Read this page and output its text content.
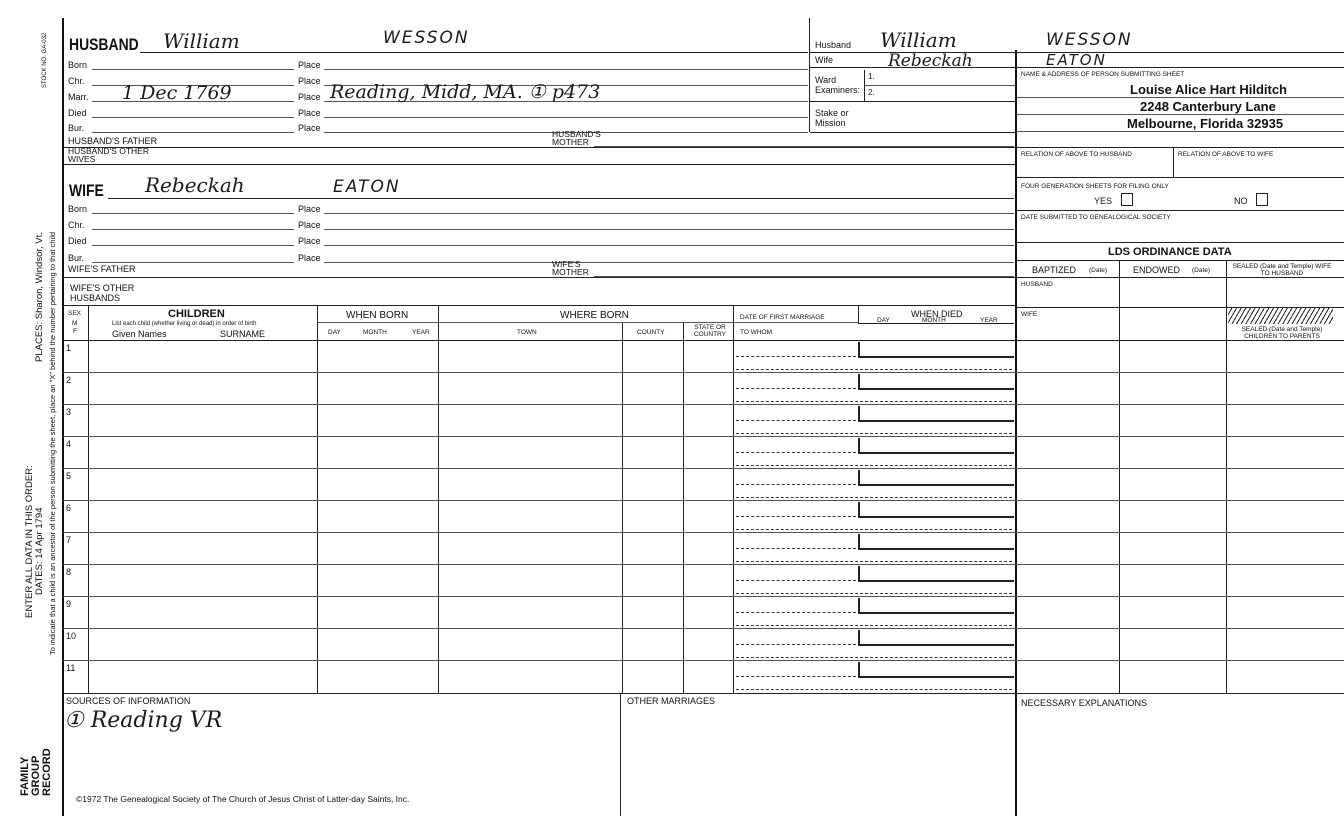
STOCK NO. GA-032
PLACES: Sharon, Windsor, Vt.
ENTER ALL DATA IN THIS ORDER: DATES: 14 Apr 1794 To indicate that a child is an ancestor of the person submitting the sheet, place an "X" behind the number pertaining to that child
FAMILY GROUP RECORD
HUSBAND William	WESSON
Born	Place
Chr.	Place
Marr. 1 Dec 1769	Place Reading, Midd, MA. ① p473
Died	Place
Bur.	Place
HUSBAND'S FATHER
HUSBAND'S MOTHER
HUSBAND'S OTHER WIVES
WIFE Rebeckah	EATON
Born	Place
Chr.	Place
Died	Place
Bur.	Place
WIFE'S FATHER	WIFE'S MOTHER
WIFE'S OTHER HUSBANDS
Husband William	WESSON
Wife	Rebeckah	EATON
Ward
Examiners:
1.
2.
Stake or Mission
NAME & ADDRESS OF PERSON SUBMITTING SHEET
Louise Alice Hart Hilditch
2248 Canterbury Lane
Melbourne, Florida 32935
RELATION OF ABOVE TO HUSBAND	RELATION OF ABOVE TO WIFE
FOUR GENERATION SHEETS FOR FILING ONLY
YES	NO
DATE SUBMITTED TO GENEALOGICAL SOCIETY
LDS ORDINANCE DATA
BAPTIZED (Date)	ENDOWED (Date)
SEALED (Date and Temple) WIFE TO HUSBAND
HUSBAND
WIFE
SEALED (Date and Temple) CHILDREN TO PARENTS
SEX
M
F
CHILDREN
List each child (whether living or dead) in order of birth
Given Names	SURNAME
WHEN BORN
DAY	MONTH	YEAR
WHERE BORN
TOWN	COUNTY
STATE OR COUNTRY
DATE OF FIRST MARRIAGE
TO WHOM
WHEN DIED
DAY	MONTH	YEAR
1
2
3
4
5
6
7
8
9
10
11
SOURCES OF INFORMATION
① Reading VR
OTHER MARRIAGES	NECESSARY EXPLANATIONS
©1972 The Genealogical Society of The Church of Jesus Christ of Latter-day Saints, Inc.
